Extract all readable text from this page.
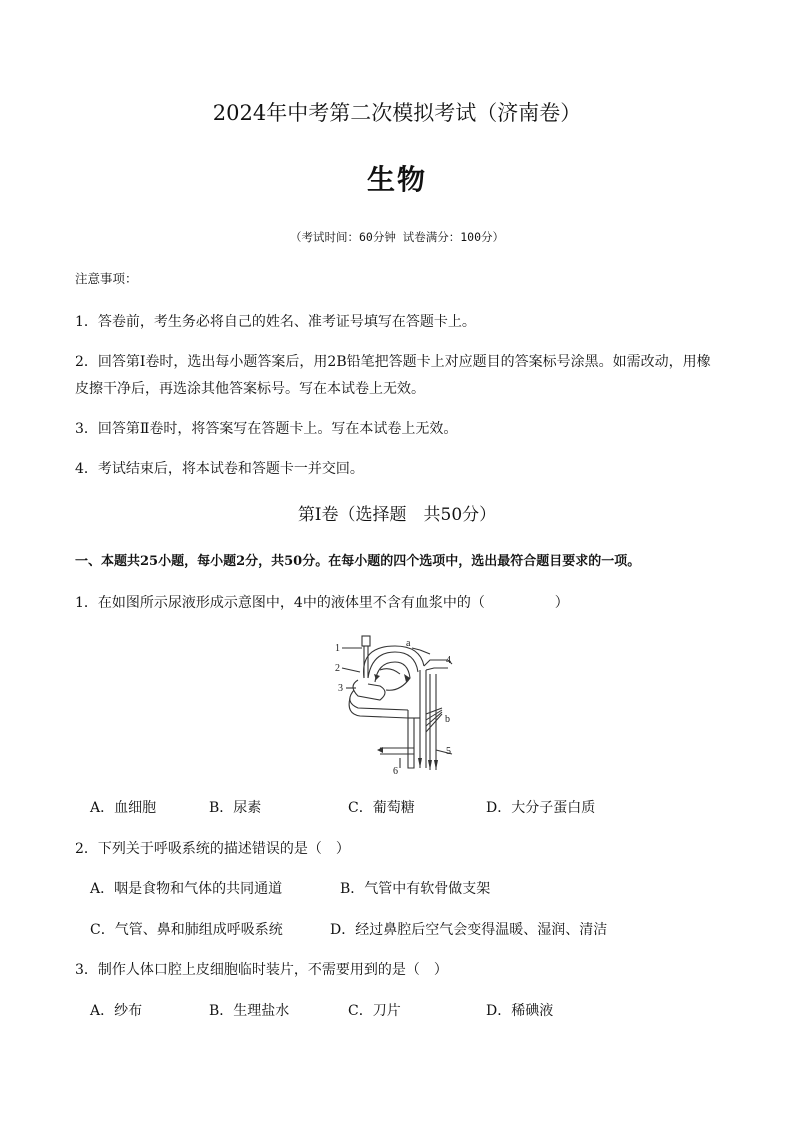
2024年中考第二次模拟考试（济南卷）
生物
（考试时间：60分钟 试卷满分：100分）
注意事项：
1．答卷前，考生务必将自己的姓名、准考证号填写在答题卡上。
2．回答第Ⅰ卷时，选出每小题答案后，用2B铅笔把答题卡上对应题目的答案标号涂黑。如需改动，用橡
皮擦干净后，再选涂其他答案标号。写在本试卷上无效。
3．回答第Ⅱ卷时，将答案写在答题卡上。写在本试卷上无效。
4．考试结束后，将本试卷和答题卡一并交回。
第Ⅰ卷（选择题　共50分）
一、本题共25小题，每小题2分，共50分。在每小题的四个选项中，选出最符合题目要求的一项。
1．在如图所示尿液形成示意图中，4中的液体里不含有血浆中的（　　　　　）
1
2
3
4
5
6
a
b
A．血细胞	B．尿素	C．葡萄糖	D．大分子蛋白质
2．下列关于呼吸系统的描述错误的是（　）
A．咽是食物和气体的共同通道	B．气管中有软骨做支架
C．气管、鼻和肺组成呼吸系统	D．经过鼻腔后空气会变得温暖、湿润、清洁
3．制作人体口腔上皮细胞临时装片，不需要用到的是（　）
A．纱布	B．生理盐水	C．刀片	D．稀碘液
